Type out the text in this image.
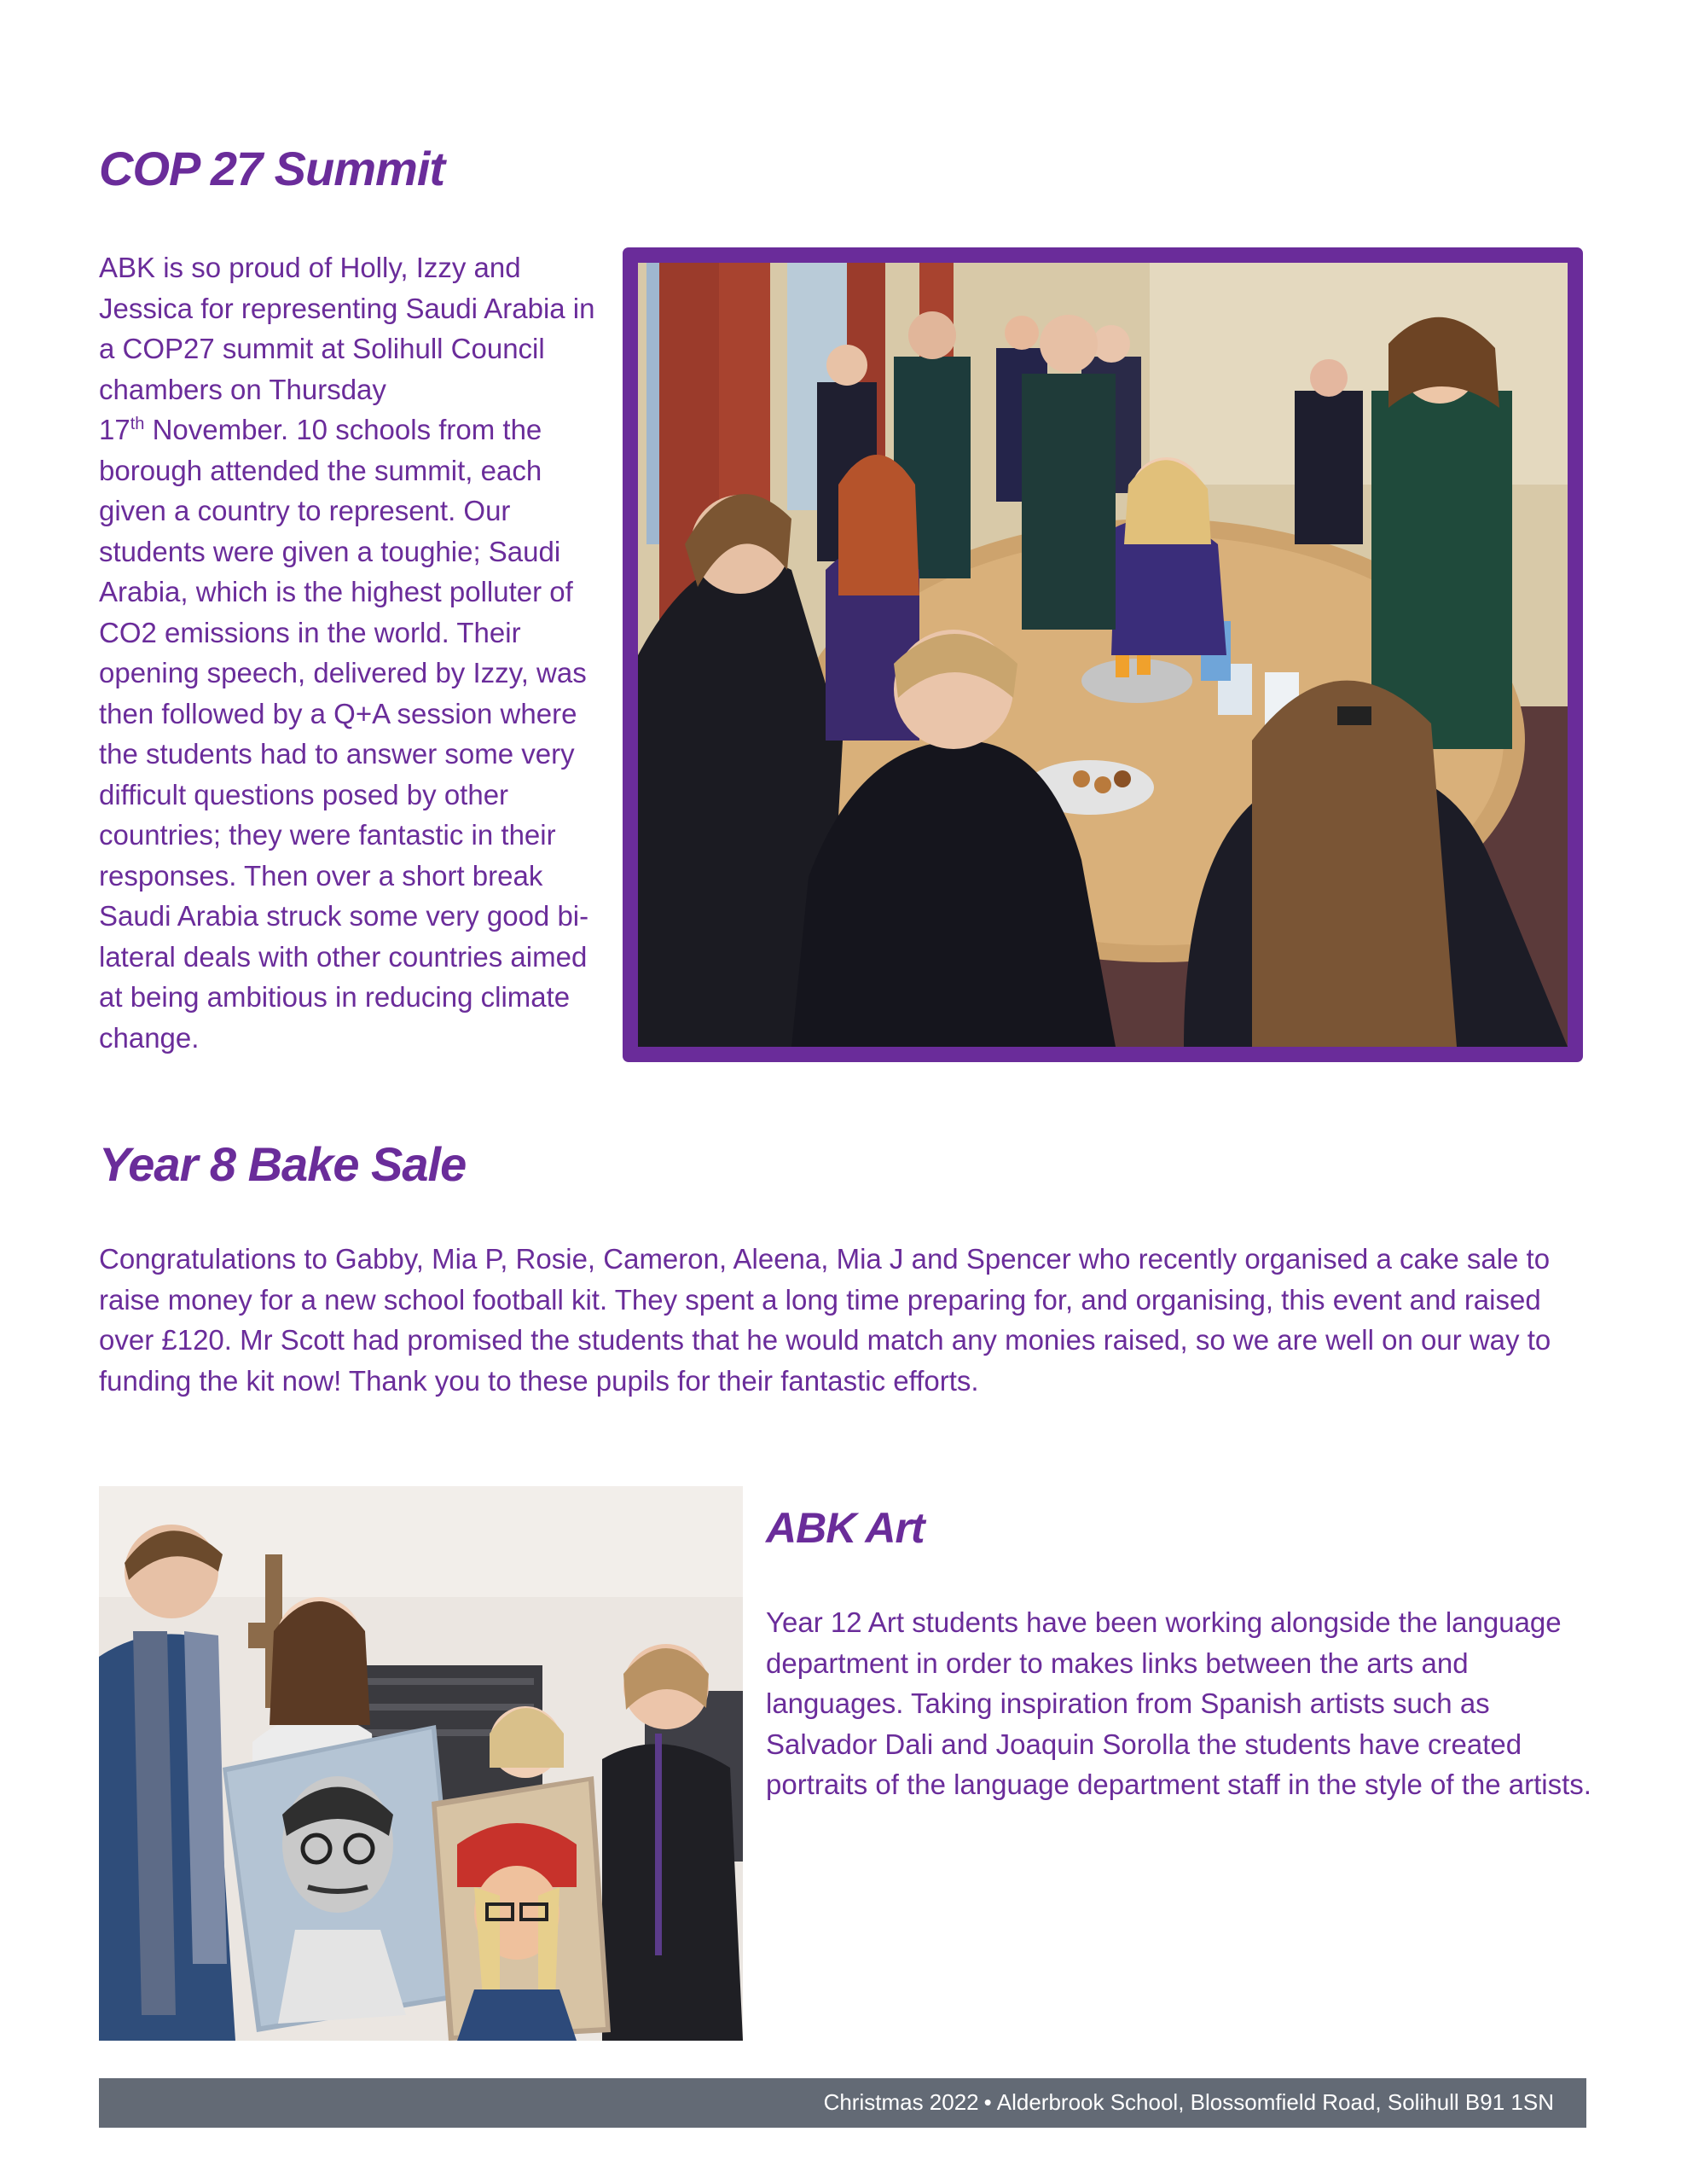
COP 27 Summit

ABK is so proud of Holly, Izzy and Jessica for representing Saudi Arabia in a COP27 summit at Solihull Council chambers on Thursday
17th November. 10 schools from the borough attended the summit, each given a country to represent. Our students were given a toughie; Saudi Arabia, which is the highest polluter of CO2 emissions in the world. Their opening speech, delivered by Izzy, was then followed by a Q+A session where the students had to answer some very difficult questions posed by other countries; they were fantastic in their responses. Then over a short break Saudi Arabia struck some very good bi-lateral deals with other countries aimed at being ambitious in reducing climate change.

Year 8 Bake Sale

Congratulations to Gabby, Mia P, Rosie, Cameron, Aleena, Mia J and Spencer who recently organised a cake sale to raise money for a new school football kit. They spent a long time preparing for, and organising, this event and raised over £120. Mr Scott had promised the students that he would match any monies raised, so we are well on our way to funding the kit now! Thank you to these pupils for their fantastic efforts.

ABK Art

Year 12 Art students have been working alongside the language department in order to makes links between the arts and languages. Taking inspiration from Spanish artists such as Salvador Dali and Joaquin Sorolla the students have created portraits of the language department staff in the style of the artists.

Christmas 2022 • Alderbrook School, Blossomfield Road, Solihull B91 1SN
